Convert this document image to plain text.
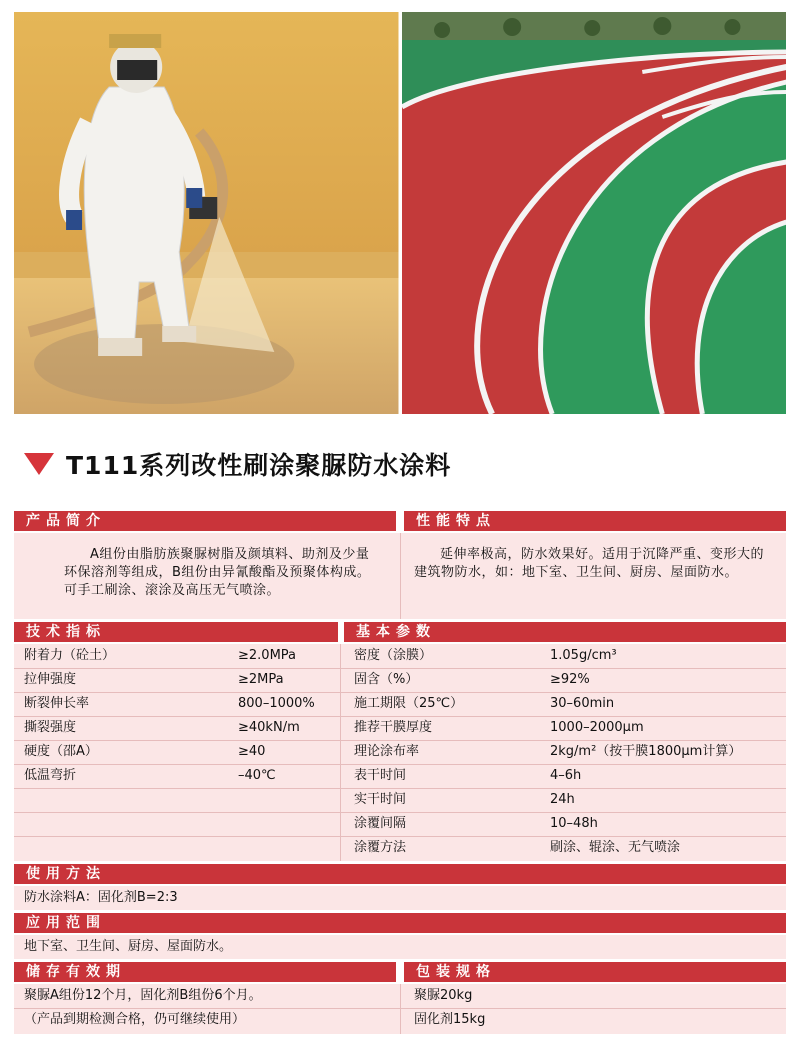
T111系列改性刷涂聚脲防水涂料
产品简介	性能特点
A组份由脂肪族聚脲树脂及颜填料、助剂及少量环保溶剂等组成，B组份由异氰酸酯及预聚体构成。可手工刷涂、滚涂及高压无气喷涂。
延伸率极高，防水效果好。适用于沉降严重、变形大的建筑物防水，如：地下室、卫生间、厨房、屋面防水。
技术指标	基本参数
附着力（砼土）	≥2.0MPa
拉伸强度	≥2MPa
断裂伸长率	800–1000%
撕裂强度	≥40kN/m
硬度（邵A）	≥40
低温弯折	–40℃
密度（涂膜）	1.05g/cm³
固含（%）	≥92%
施工期限（25℃）	30–60min
推荐干膜厚度	1000–2000μm
理论涂布率	2kg/m²（按干膜1800μm计算）
表干时间	4–6h
实干时间	24h
涂覆间隔	10–48h
涂覆方法	刷涂、辊涂、无气喷涂
使用方法
防水涂料A：固化剂B=2:3
应用范围
地下室、卫生间、厨房、屋面防水。
储存有效期	包装规格
聚脲A组份12个月，固化剂B组份6个月。
（产品到期检测合格，仍可继续使用）
聚脲20kg
固化剂15kg
